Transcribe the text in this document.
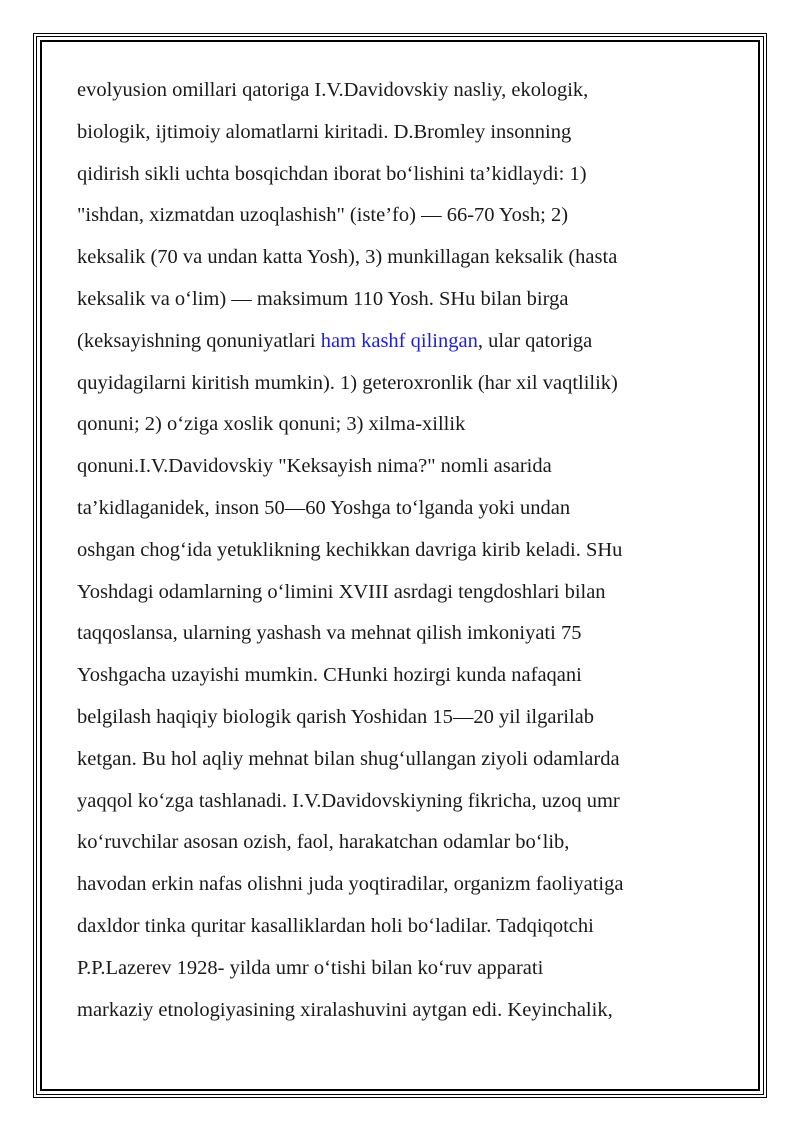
evolyusion omillari qatoriga I.V.Davidovskiy nasliy, ekologik,
biologik, ijtimoiy alomatlarni kiritadi. D.Bromley insonning
qidirish sikli uchta bosqichdan iborat bo‘lishini ta’kidlaydi: 1)
"ishdan, xizmatdan uzoqlashish" (iste’fo) — 66-70 Yosh; 2)
keksalik (70 va undan katta Yosh), 3) munkillagan keksalik (hasta
keksalik va o‘lim) — maksimum 110 Yosh. SHu bilan birga
(keksayishning qonuniyatlari ham kashf qilingan, ular qatoriga
quyidagilarni kiritish mumkin). 1) geteroxronlik (har xil vaqtlilik)
qonuni; 2) o‘ziga xoslik qonuni; 3) xilma-xillik
qonuni.I.V.Davidovskiy "Keksayish nima?" nomli asarida
ta’kidlaganidek, inson 50—60 Yoshga to‘lganda yoki undan
oshgan chog‘ida yetuklikning kechikkan davriga kirib keladi. SHu
Yoshdagi odamlarning o‘limini XVIII asrdagi tengdoshlari bilan
taqqoslansa, ularning yashash va mehnat qilish imkoniyati 75
Yoshgacha uzayishi mumkin. CHunki hozirgi kunda nafaqani
belgilash haqiqiy biologik qarish Yoshidan 15—20 yil ilgarilab
ketgan. Bu hol aqliy mehnat bilan shug‘ullangan ziyoli odamlarda
yaqqol ko‘zga tashlanadi. I.V.Davidovskiyning fikricha, uzoq umr
ko‘ruvchilar asosan ozish, faol, harakatchan odamlar bo‘lib,
havodan erkin nafas olishni juda yoqtiradilar, organizm faoliyatiga
daxldor tinka quritar kasalliklardan holi bo‘ladilar. Tadqiqotchi
P.P.Lazerev 1928- yilda umr o‘tishi bilan ko‘ruv apparati
markaziy etnologiyasining xiralashuvini aytgan edi. Keyinchalik,
